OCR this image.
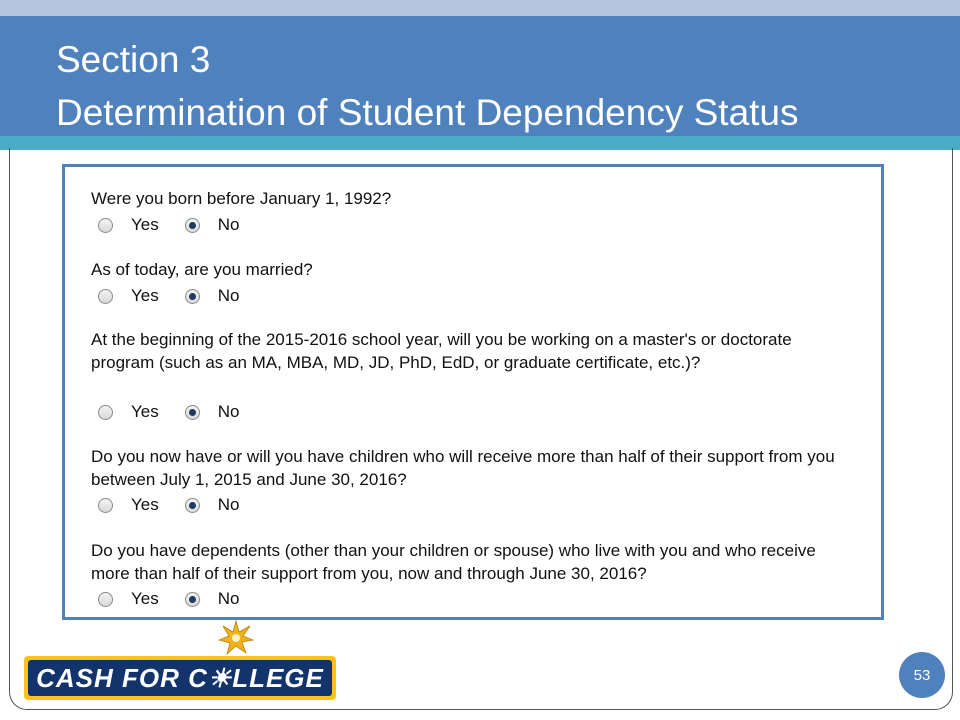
Section 3
Determination of Student Dependency Status
Were you born before January 1, 1992?
Yes	No
As of today, are you married?
Yes	No
At the beginning of the 2015-2016 school year, will you be working on a master's or doctorate program (such as an MA, MBA, MD, JD, PhD, EdD, or graduate certificate, etc.)?
Yes	No
Do you now have or will you have children who will receive more than half of their support from you between July 1, 2015 and June 30, 2016?
Yes	No
Do you have dependents (other than your children or spouse) who live with you and who receive more than half of their support from you, now and through June 30, 2016?
Yes	No
CASH FOR C☀LLEGE	53
